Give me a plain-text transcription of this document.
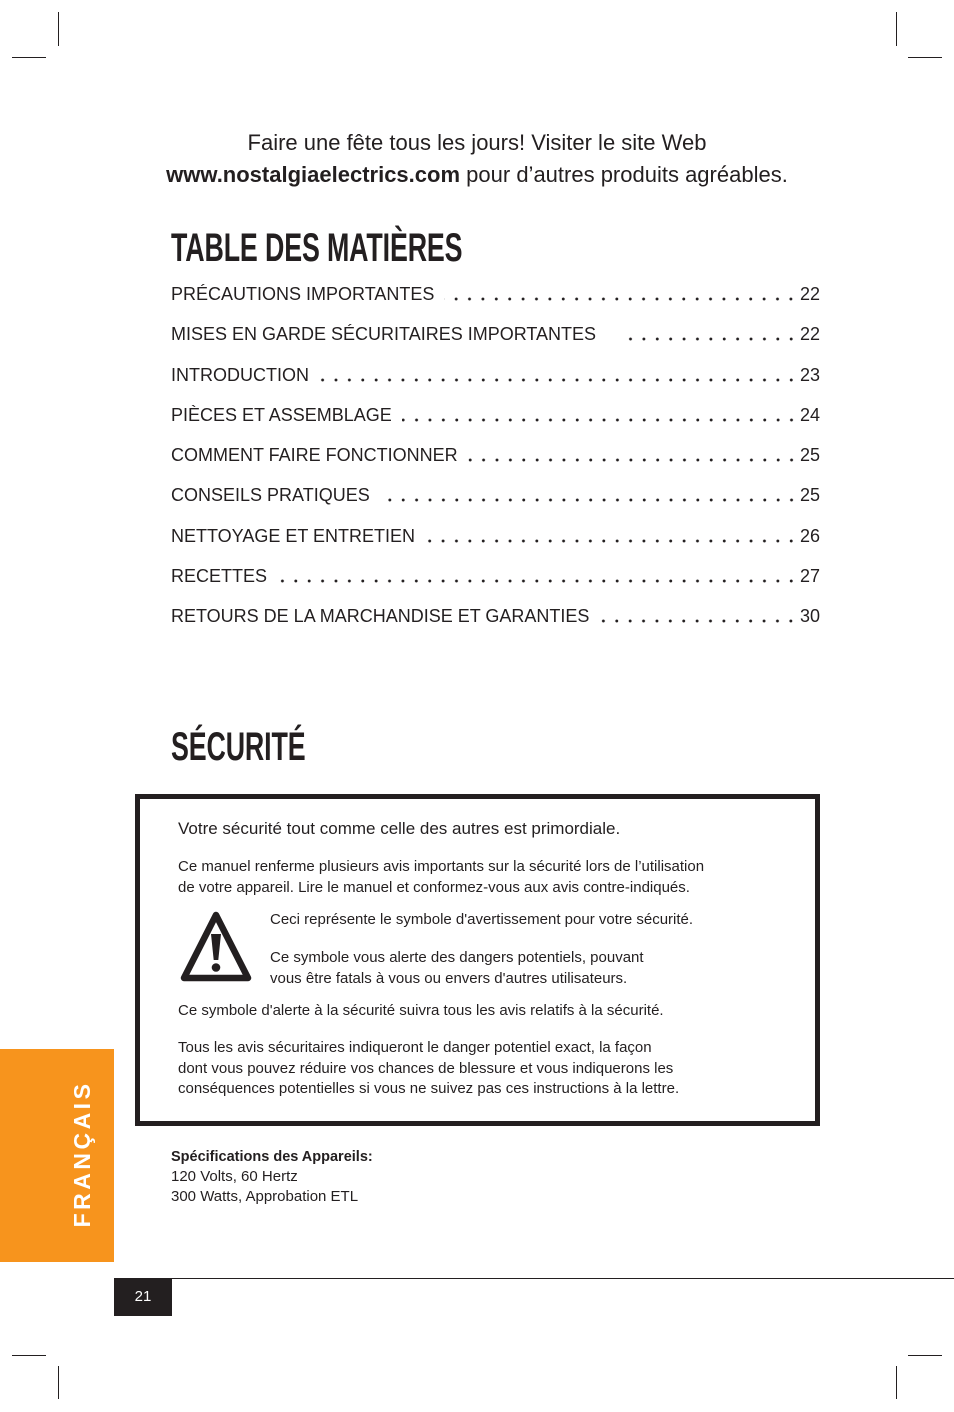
Faire une fête tous les jours! Visiter le site Web
www.nostalgiaelectrics.com pour d’autres produits agréables.
TABLE DES MATIÈRES
PRÉCAUTIONS IMPORTANTES	22
MISES EN GARDE SÉCURITAIRES IMPORTANTES	22
INTRODUCTION	23
PIÈCES ET ASSEMBLAGE	24
COMMENT FAIRE FONCTIONNER	25
CONSEILS PRATIQUES	25
NETTOYAGE ET ENTRETIEN	26
RECETTES	27
RETOURS DE LA MARCHANDISE ET GARANTIES	30
SÉCURITÉ
Votre sécurité tout comme celle des autres est primordiale.
Ce manuel renferme plusieurs avis importants sur la sécurité lors de l’utilisation
de votre appareil. Lire le manuel et conformez-vous aux avis contre-indiqués.
Ceci représente le symbole d'avertissement pour votre sécurité.
Ce symbole vous alerte des dangers potentiels, pouvant
vous être fatals à vous ou envers d'autres utilisateurs.
Ce symbole d'alerte à la sécurité suivra tous les avis relatifs à la sécurité.
Tous les avis sécuritaires indiqueront le danger potentiel exact, la façon
dont vous pouvez réduire vos chances de blessure et vous indiquerons les
conséquences potentielles si vous ne suivez pas ces instructions à la lettre.
Spécifications des Appareils:
120 Volts, 60 Hertz
300 Watts, Approbation ETL
FRANÇAIS
21
